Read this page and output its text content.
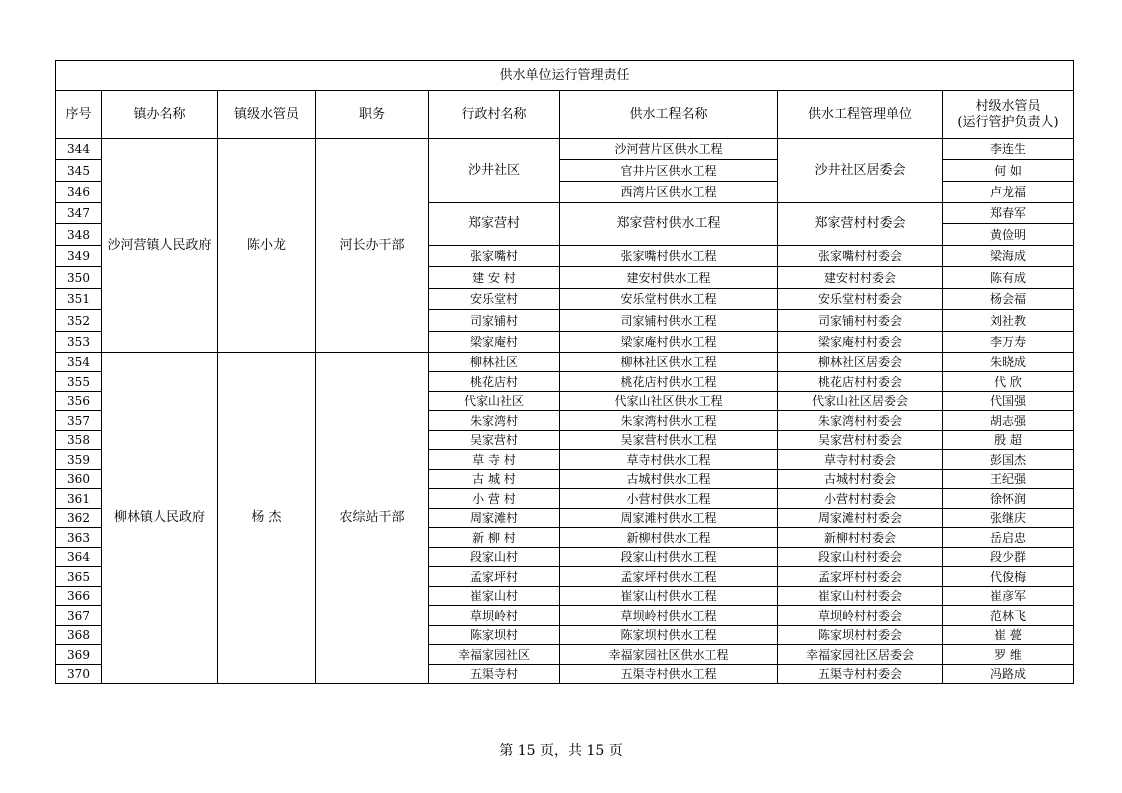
供水单位运行管理责任							
序号	镇办名称	镇级水管员	职务	行政村名称	供水工程名称	供水工程管理单位	村级水管员
(运行管护负责人)

344	沙河营镇人民政府	陈小龙	河长办干部	沙井社区	沙河营片区供水工程	沙井社区居委会	李连生
345					官井片区供水工程		何 如
346					西湾片区供水工程		卢龙福
347				郑家营村	郑家营村供水工程	郑家营村村委会	郑春军
348							黄俭明
349				张家嘴村	张家嘴村供水工程	张家嘴村村委会	梁海成
350				建 安 村	建安村供水工程	建安村村委会	陈有成
351				安乐堂村	安乐堂村供水工程	安乐堂村村委会	杨会福
352				司家铺村	司家铺村供水工程	司家铺村村委会	刘社教
353				梁家庵村	梁家庵村供水工程	梁家庵村村委会	李万寿
354	柳林镇人民政府	杨 杰	农综站干部	柳林社区	柳林社区供水工程	柳林社区居委会	朱晓成
355				桃花店村	桃花店村供水工程	桃花店村村委会	代 欣
356				代家山社区	代家山社区供水工程	代家山社区居委会	代国强
357				朱家湾村	朱家湾村供水工程	朱家湾村村委会	胡志强
358				吴家营村	吴家营村供水工程	吴家营村村委会	殷 超
359				草 寺 村	草寺村供水工程	草寺村村委会	彭国杰
360				古 城 村	古城村供水工程	古城村村委会	王纪强
361				小 营 村	小营村供水工程	小营村村委会	徐怀润
362				周家滩村	周家滩村供水工程	周家滩村村委会	张继庆
363				新 柳 村	新柳村供水工程	新柳村村委会	岳启忠
364				段家山村	段家山村供水工程	段家山村村委会	段少群
365				孟家坪村	孟家坪村供水工程	孟家坪村村委会	代俊梅
366				崔家山村	崔家山村供水工程	崔家山村村委会	崔彦军
367				草坝岭村	草坝岭村供水工程	草坝岭村村委会	范林飞
368				陈家坝村	陈家坝村供水工程	陈家坝村村委会	崔 甍
369				幸福家园社区	幸福家园社区供水工程	幸福家园社区居委会	罗 维
370				五渠寺村	五渠寺村供水工程	五渠寺村村委会	冯路成
第 15 页，共 15 页
